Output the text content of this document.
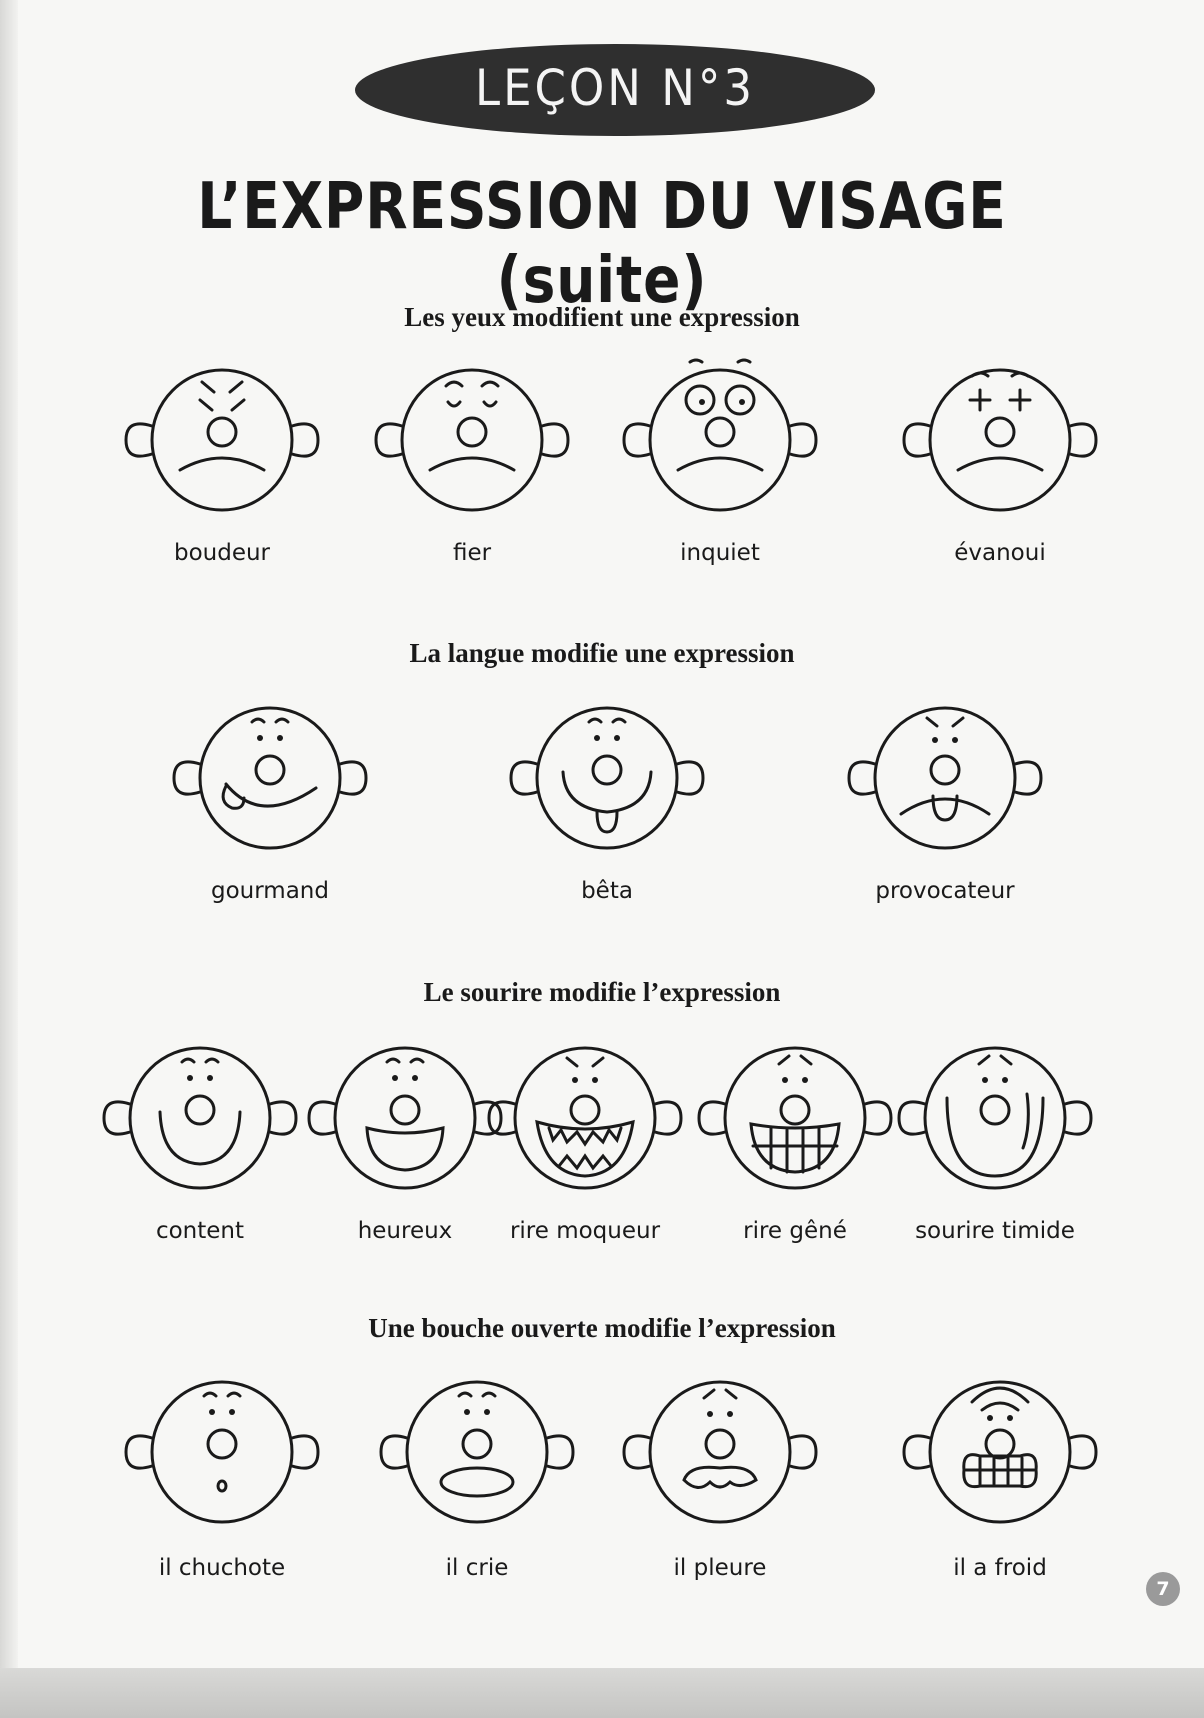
LEÇON N°3
L’EXPRESSION DU VISAGE (suite)
Les yeux modifient une expression
La langue modifie une expression
Le sourire modifie l’expression
Une bouche ouverte modifie l’expression
boudeur	fier	inquiet	évanoui
gourmand	bêta	provocateur
content	heureux	rire moqueur	rire gêné	sourire timide
il chuchote	il crie	il pleure	il a froid
7
